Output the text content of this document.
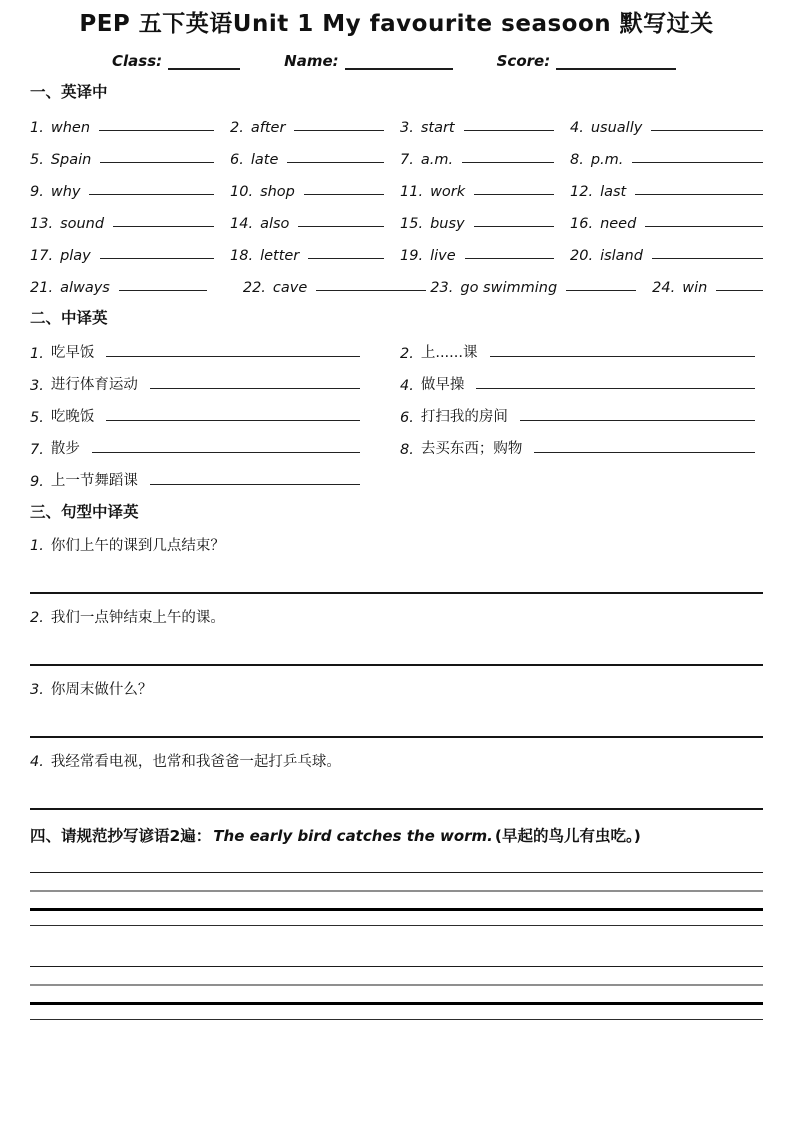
PEP 五下英语Unit 1 My favourite seasoon 默写过关
Class:	Name:	Score:
一、英译中
1. when	2. after	3. start	4. usually
5. Spain	6. late	7. a.m.	8. p.m.
9. why	10. shop	11. work	12. last
13. sound	14. also	15. busy	16. need
17. play	18. letter	19. live	20. island
21. always	22. cave	23. go swimming	24. win
二、中译英
1. 吃早饭	2. 上......课
3. 进行体育运动	4. 做早操
5. 吃晚饭	6. 打扫我的房间
7. 散步	8. 去买东西；购物
9. 上一节舞蹈课
三、句型中译英
1. 你们上午的课到几点结束？
2. 我们一点钟结束上午的课。
3. 你周末做什么？
4. 我经常看电视，也常和我爸爸一起打乒乓球。
四、请规范抄写谚语2遍： The early bird catches the worm. (早起的鸟儿有虫吃。)
